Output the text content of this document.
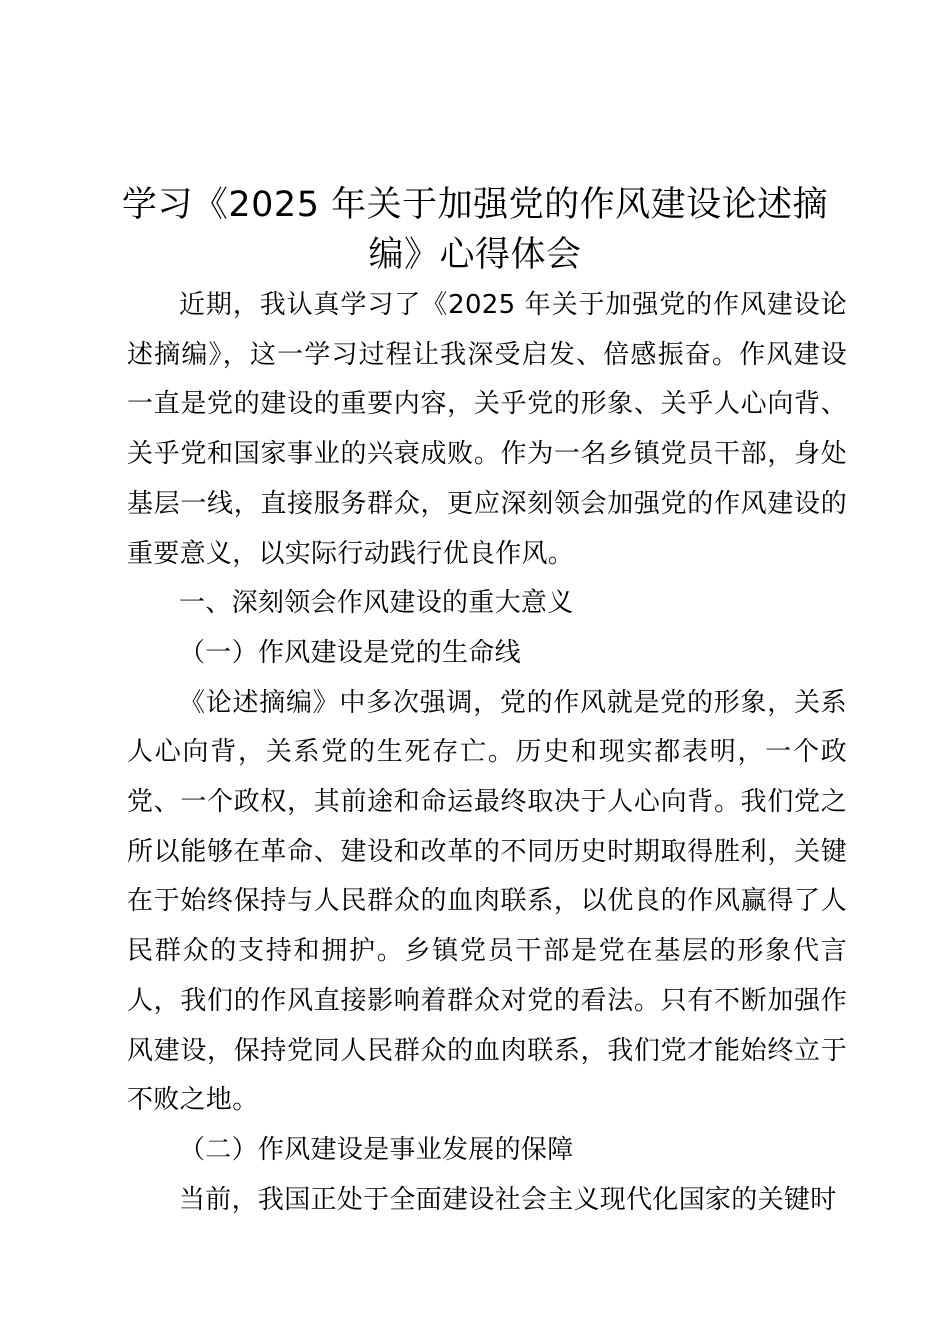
学习《2025 年关于加强党的作风建设论述摘
编》心得体会

近期，我认真学习了《2025 年关于加强党的作风建设论述摘编》，这一学习过程让我深受启发、倍感振奋。作风建设一直是党的建设的重要内容，关乎党的形象、关乎人心向背、关乎党和国家事业的兴衰成败。作为一名乡镇党员干部，身处基层一线，直接服务群众，更应深刻领会加强党的作风建设的重要意义，以实际行动践行优良作风。

一、深刻领会作风建设的重大意义

（一）作风建设是党的生命线

《论述摘编》中多次强调，党的作风就是党的形象，关系人心向背，关系党的生死存亡。历史和现实都表明，一个政党、一个政权，其前途和命运最终取决于人心向背。我们党之所以能够在革命、建设和改革的不同历史时期取得胜利，关键在于始终保持与人民群众的血肉联系，以优良的作风赢得了人民群众的支持和拥护。乡镇党员干部是党在基层的形象代言人，我们的作风直接影响着群众对党的看法。只有不断加强作风建设，保持党同人民群众的血肉联系，我们党才能始终立于不败之地。

（二）作风建设是事业发展的保障

当前，我国正处于全面建设社会主义现代化国家的关键时
